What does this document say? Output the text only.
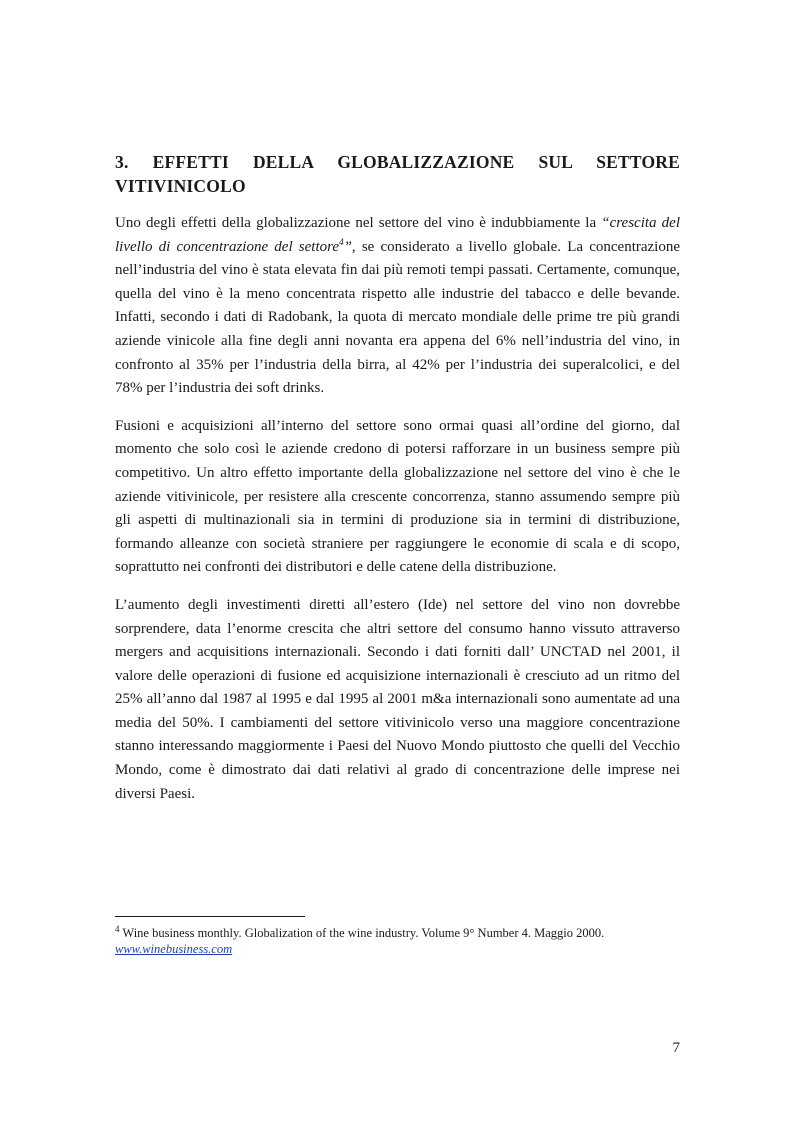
3. EFFETTI DELLA GLOBALIZZAZIONE SUL SETTORE
VITIVINICOLO

Uno degli effetti della globalizzazione nel settore del vino è indubbiamente la “crescita del livello di concentrazione del settore$^4$”, se considerato a livello globale. La concentrazione nell’industria del vino è stata elevata fin dai più remoti tempi passati. Certamente, comunque, quella del vino è la meno concentrata rispetto alle industrie del tabacco e delle bevande. Infatti, secondo i dati di Radobank, la quota di mercato mondiale delle prime tre più grandi aziende vinicole alla fine degli anni novanta era appena del 6% nell’industria del vino, in confronto al 35% per l’industria della birra, al 42% per l’industria dei superalcolici, e del 78% per l’industria dei soft drinks.

Fusioni e acquisizioni all’interno del settore sono ormai quasi all’ordine del giorno, dal momento che solo così le aziende credono di potersi rafforzare in un business sempre più competitivo. Un altro effetto importante della globalizzazione nel settore del vino è che le aziende vitivinicole, per resistere alla crescente concorrenza, stanno assumendo sempre più gli aspetti di multinazionali sia in termini di produzione sia in termini di distribuzione, formando alleanze con società straniere per raggiungere le economie di scala e di scopo, soprattutto nei confronti dei distributori e delle catene della distribuzione.

L’aumento degli investimenti diretti all’estero (Ide) nel settore del vino non dovrebbe sorprendere, data l’enorme crescita che altri settore del consumo hanno vissuto attraverso mergers and acquisitions internazionali. Secondo i dati forniti dall’ UNCTAD nel 2001, il valore delle operazioni di fusione ed acquisizione internazionali è cresciuto ad un ritmo del 25% all’anno dal 1987 al 1995 e dal 1995 al 2001 m&a internazionali sono aumentate ad una media del 50%. I cambiamenti del settore vitivinicolo verso una maggiore concentrazione stanno interessando maggiormente i Paesi del Nuovo Mondo piuttosto che quelli del Vecchio Mondo, come è dimostrato dai dati relativi al grado di concentrazione delle imprese nei diversi Paesi.

$^4$ Wine business monthly. Globalization of the wine industry. Volume 9° Number 4. Maggio 2000.
www.winebusiness.com
7
